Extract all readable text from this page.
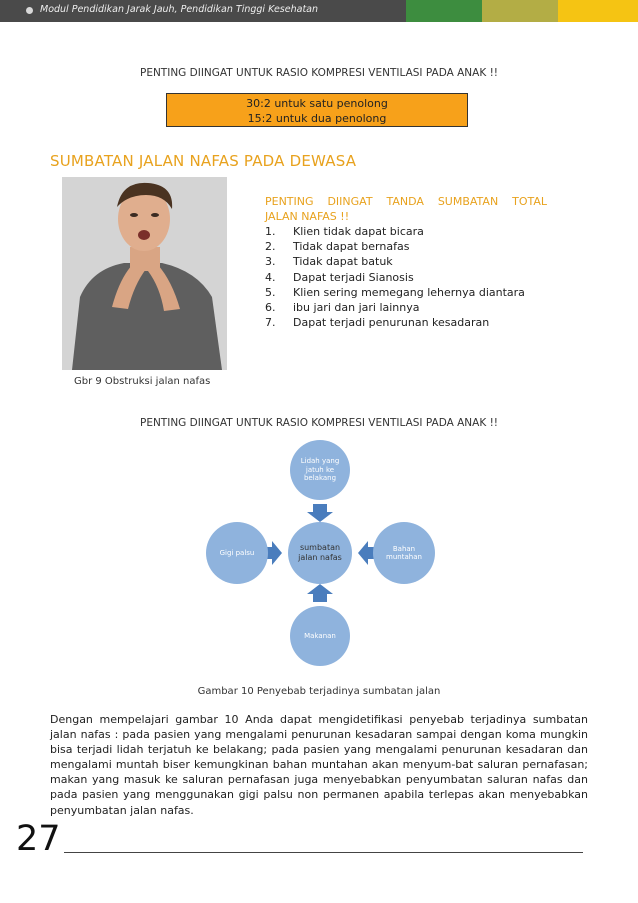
Modul Pendidikan Jarak Jauh, Pendidikan Tinggi Kesehatan
PENTING DIINGAT UNTUK RASIO KOMPRESI VENTILASI PADA ANAK !!
30:2 untuk satu penolong
15:2 untuk dua penolong
SUMBATAN JALAN NAFAS PADA DEWASA
Gbr 9 Obstruksi jalan nafas
PENTING DIINGAT TANDA SUMBATAN TOTAL
JALAN NAFAS !!
1.	Klien tidak dapat bicara
2.	Tidak dapat bernafas
3.	Tidak dapat batuk
4.	Dapat terjadi Sianosis
5.	Klien sering memegang lehernya diantara
6.	ibu jari dan jari lainnya
7.	Dapat terjadi penurunan kesadaran
PENTING DIINGAT UNTUK RASIO KOMPRESI VENTILASI PADA ANAK !!
Lidah yang jatuh ke belakang
Gigi palsu
sumbatan jalan nafas
Bahan muntahan
Makanan
Gambar 10 Penyebab terjadinya sumbatan jalan

Dengan mempelajari gambar 10 Anda dapat mengidetifikasi penyebab terjadinya sumbatan jalan nafas : pada pasien yang mengalami penurunan kesadaran sampai dengan koma mungkin bisa terjadi lidah terjatuh ke belakang; pada pasien yang mengalami penurunan kesadaran dan mengalami muntah biser kemungkinan bahan muntahan akan menyum-bat saluran pernafasan; makan yang masuk ke saluran pernafasan juga menyebabkan penyumbatan saluran nafas dan pada pasien yang menggunakan gigi palsu non permanen apabila terlepas akan menyebabkan penyumbatan jalan nafas.

27
